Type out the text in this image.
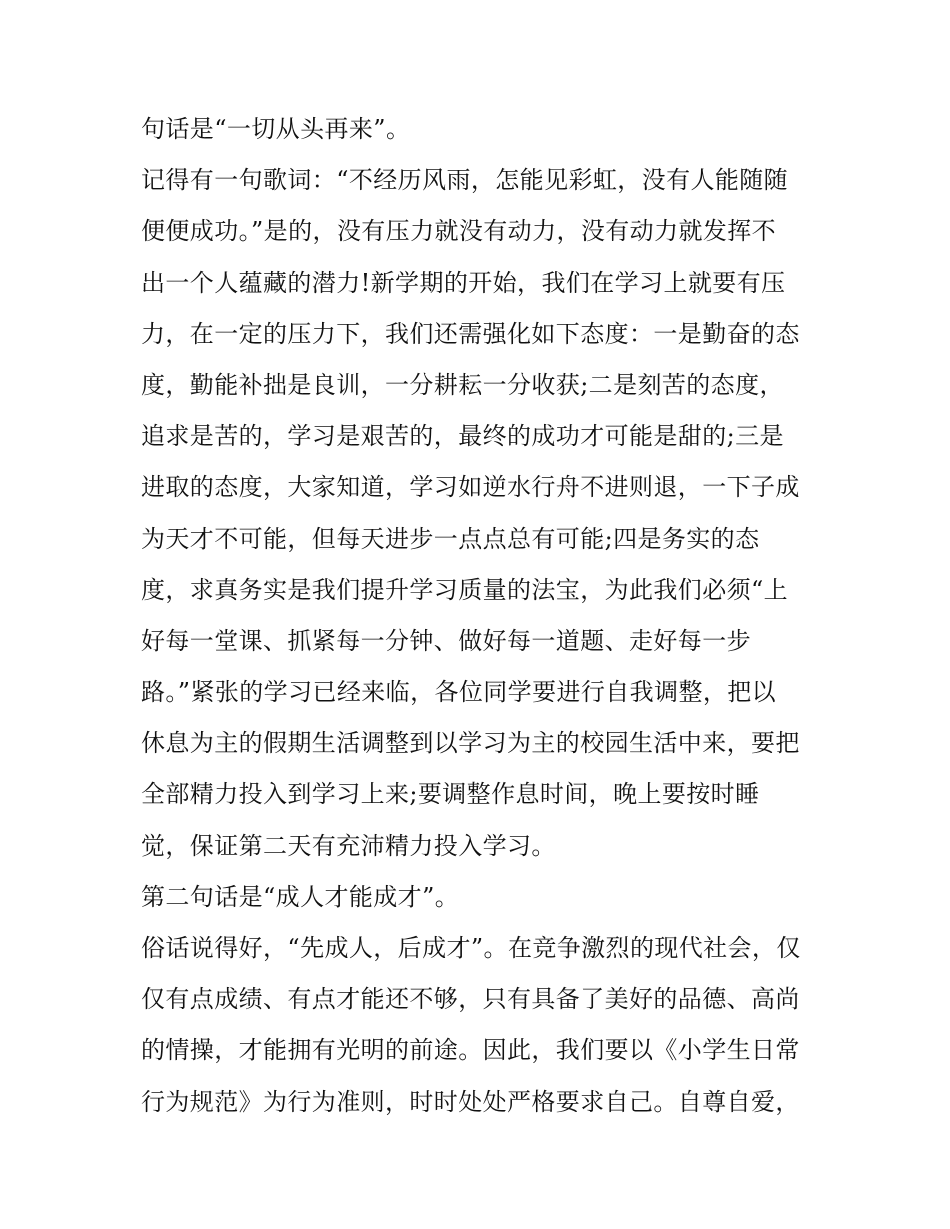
句话是“一切从头再来”。
记得有一句歌词：“不经历风雨，怎能见彩虹，没有人能随随
便便成功。”是的，没有压力就没有动力，没有动力就发挥不
出一个人蕴藏的潜力!新学期的开始，我们在学习上就要有压
力，在一定的压力下，我们还需强化如下态度：一是勤奋的态
度，勤能补拙是良训，一分耕耘一分收获;二是刻苦的态度，
追求是苦的，学习是艰苦的，最终的成功才可能是甜的;三是
进取的态度，大家知道，学习如逆水行舟不进则退，一下子成
为天才不可能，但每天进步一点点总有可能;四是务实的态
度，求真务实是我们提升学习质量的法宝，为此我们必须“上
好每一堂课、抓紧每一分钟、做好每一道题、走好每一步
路。”紧张的学习已经来临，各位同学要进行自我调整，把以
休息为主的假期生活调整到以学习为主的校园生活中来，要把
全部精力投入到学习上来;要调整作息时间，晚上要按时睡
觉，保证第二天有充沛精力投入学习。
第二句话是“成人才能成才”。
俗话说得好，“先成人，后成才”。在竞争激烈的现代社会，仅
仅有点成绩、有点才能还不够，只有具备了美好的品德、高尚
的情操，才能拥有光明的前途。因此，我们要以《小学生日常
行为规范》为行为准则，时时处处严格要求自己。自尊自爱，
